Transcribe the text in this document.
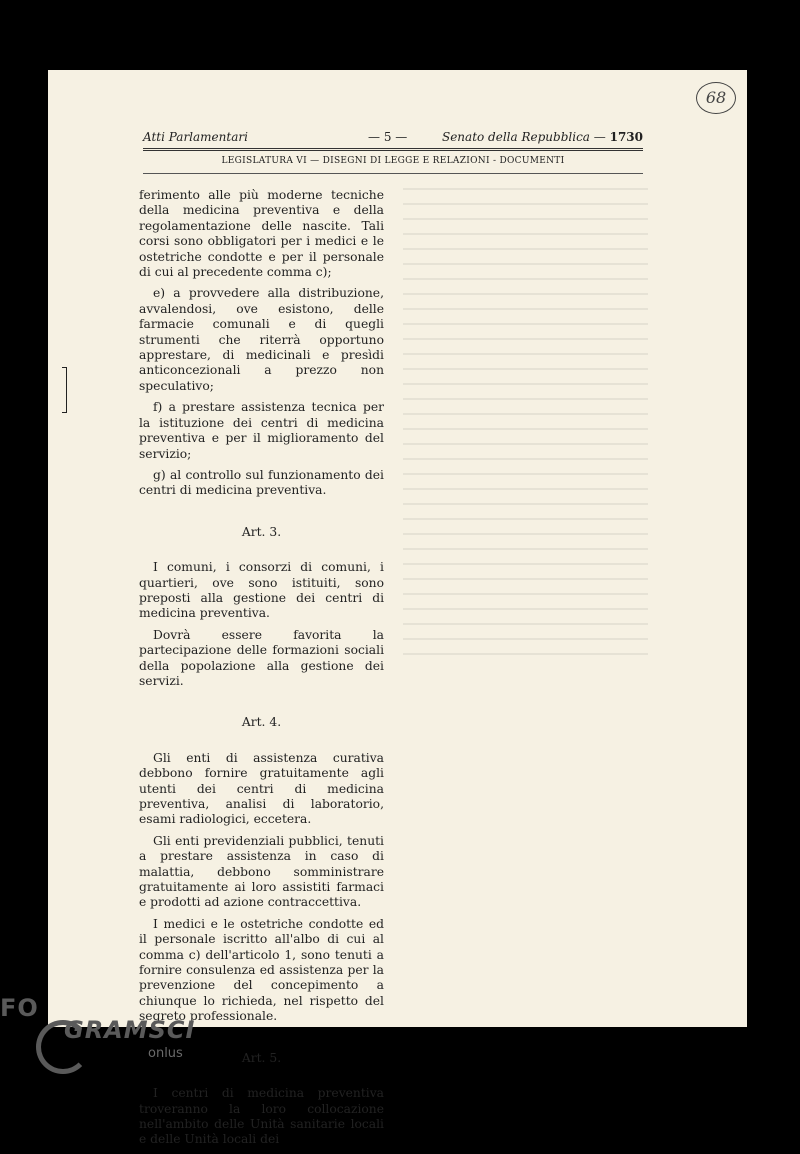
68
Atti Parlamentari	— 5 —	Senato della Repubblica — 1730
LEGISLATURA VI — DISEGNI DI LEGGE E RELAZIONI - DOCUMENTI

ferimento alle più moderne tecniche della medicina preventiva e della regolamentazione delle nascite. Tali corsi sono obbligatori per i medici e le ostetriche condotte e per il personale di cui al precedente comma c);

e) a provvedere alla distribuzione, avvalendosi, ove esistono, delle farmacie comunali e di quegli strumenti che riterrà opportuno apprestare, di medicinali e presìdi anticoncezionali a prezzo non speculativo;

f) a prestare assistenza tecnica per la istituzione dei centri di medicina preventiva e per il miglioramento del servizio;

g) al controllo sul funzionamento dei centri di medicina preventiva.

Art. 3.

I comuni, i consorzi di comuni, i quartieri, ove sono istituiti, sono preposti alla gestione dei centri di medicina preventiva.

Dovrà essere favorita la partecipazione delle formazioni sociali della popolazione alla gestione dei servizi.

Art. 4.

Gli enti di assistenza curativa debbono fornire gratuitamente agli utenti dei centri di medicina preventiva, analisi di laboratorio, esami radiologici, eccetera.

Gli enti previdenziali pubblici, tenuti a prestare assistenza in caso di malattia, debbono somministrare gratuitamente ai loro assistiti farmaci e prodotti ad azione contraccettiva.

I medici e le ostetriche condotte ed il personale iscritto all'albo di cui al comma c) dell'articolo 1, sono tenuti a fornire consulenza ed assistenza per la prevenzione del concepimento a chiunque lo richieda, nel rispetto del segreto professionale.

Art. 5.

I centri di medicina preventiva troveranno la loro collocazione nell'ambito delle Unità sanitarie locali e delle Unità locali dei

FO
GRAMSCI
onlus
